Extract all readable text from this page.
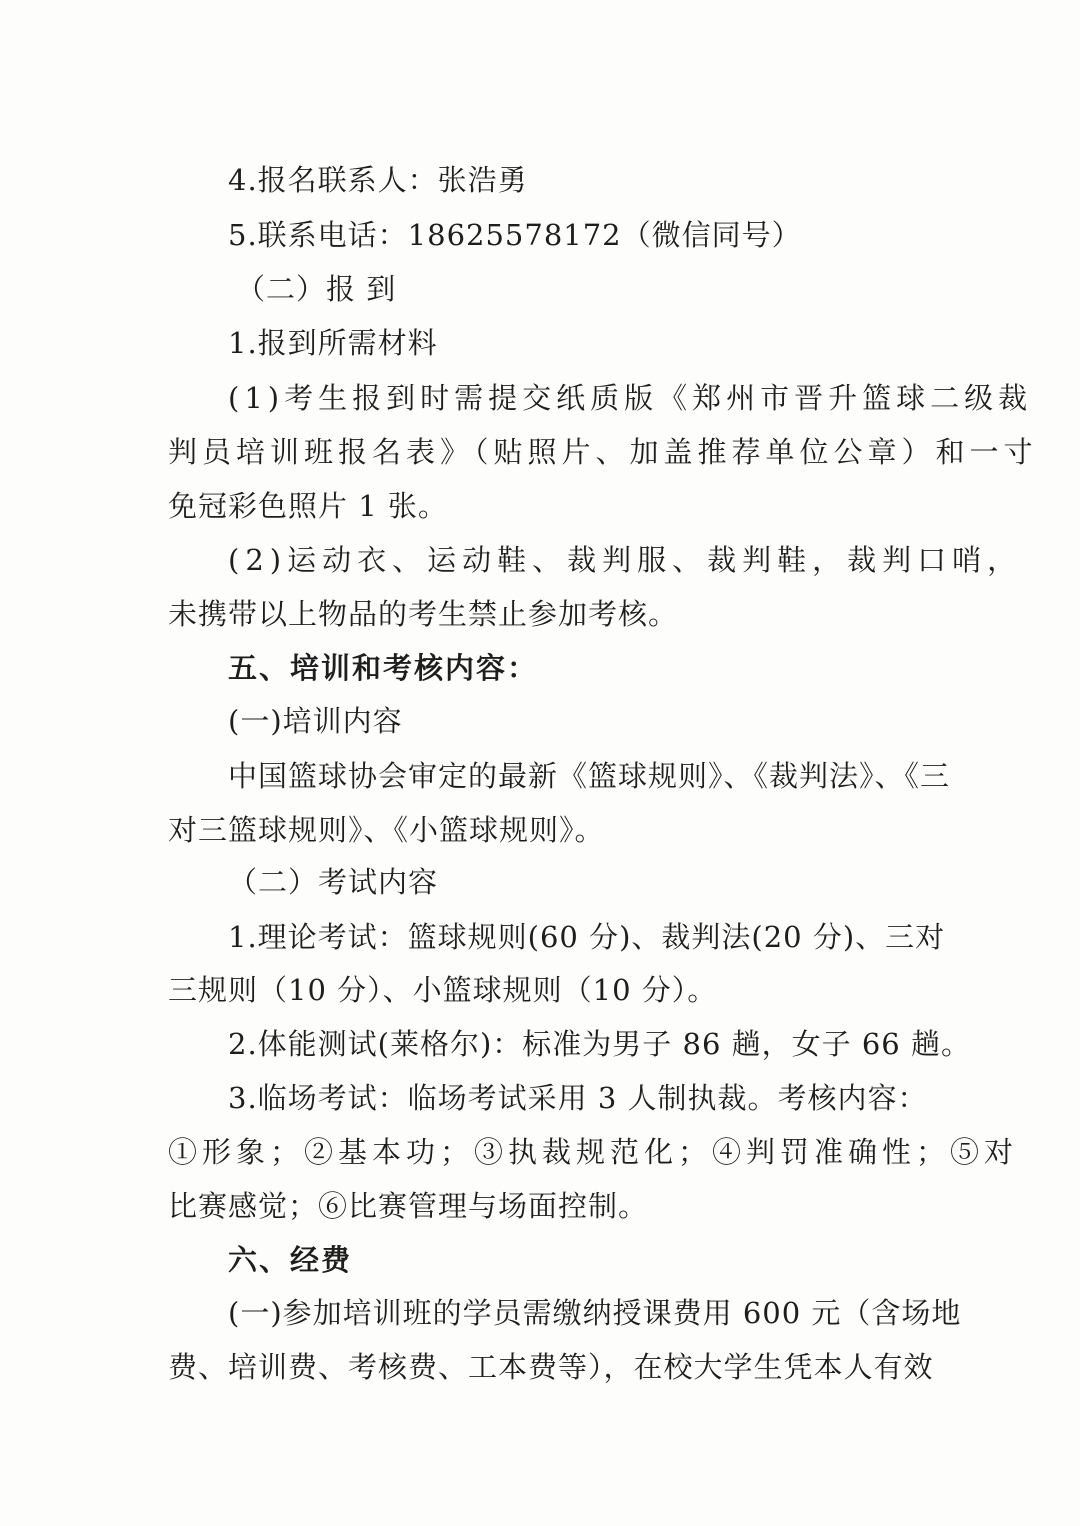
4.报名联系人：张浩勇
5.联系电话：18625578172（微信同号）
（二）报 到
1.报到所需材料
(1)考生报到时需提交纸质版《郑州市晋升篮球二级裁
判员培训班报名表》（贴照片、加盖推荐单位公章）和一寸
免冠彩色照片 1 张。
(2)运动衣、运动鞋、裁判服、裁判鞋，裁判口哨，
未携带以上物品的考生禁止参加考核。
五、培训和考核内容：
(一)培训内容
中国篮球协会审定的最新《篮球规则》、《裁判法》、《三
对三篮球规则》、《小篮球规则》。
（二）考试内容
1.理论考试：篮球规则(60 分)、裁判法(20 分)、三对
三规则（10 分）、小篮球规则（10 分）。
2.体能测试(莱格尔)：标准为男子 86 趟，女子 66 趟。
3.临场考试：临场考试采用 3 人制执裁。考核内容：
①形象；②基本功；③执裁规范化；④判罚准确性；⑤对
比赛感觉；⑥比赛管理与场面控制。
六、经费
(一)参加培训班的学员需缴纳授课费用 600 元（含场地
费、培训费、考核费、工本费等），在校大学生凭本人有效
